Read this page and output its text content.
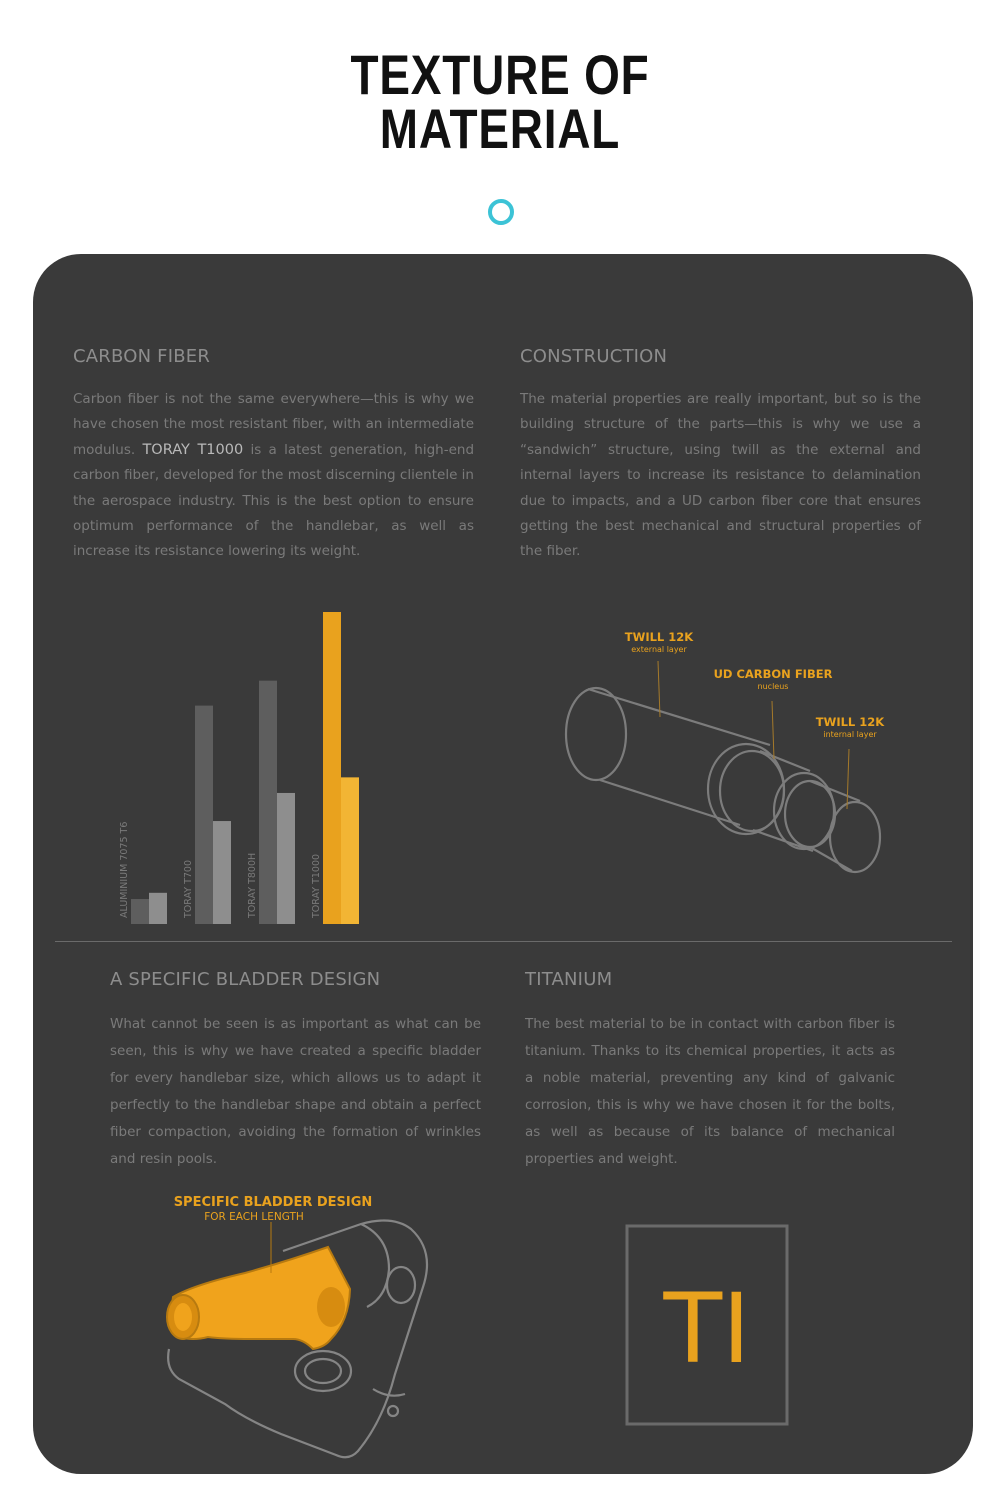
TEXTURE OF
MATERIAL
CARBON FIBER
Carbon fiber is not the same everywhere—this is why we have chosen the most resistant fiber, with an intermediate modulus. TORAY T1000 is a latest generation, high-end carbon fiber, developed for the most discerning clientele in the aerospace industry. This is the best option to ensure optimum performance of the handlebar, as well as increase its resistance lowering its weight.
CONSTRUCTION
The material properties are really important, but so is the building structure of the parts—this is why we use a “sandwich” structure, using twill as the external and internal layers to increase its resistance to delamination due to impacts, and a UD carbon fiber core that ensures getting the best mechanical and structural properties of the fiber.
ALUMINIUM 7075 T6	TORAY T700	TORAY T800H	TORAY T1000
TWILL 12K
external layer
UD CARBON FIBER
nucleus
TWILL 12K
internal layer
A SPECIFIC BLADDER DESIGN
What cannot be seen is as important as what can be seen, this is why we have created a specific bladder for every handlebar size, which allows us to adapt it perfectly to the handlebar shape and obtain a perfect fiber compaction, avoiding the formation of wrinkles and resin pools.
TITANIUM
The best material to be in contact with carbon fiber is titanium. Thanks to its chemical properties, it acts as a noble material, preventing any kind of galvanic corrosion, this is why we have chosen it for the bolts, as well as because of its balance of mechanical properties and weight.
SPECIFIC BLADDER DESIGN
FOR EACH LENGTH
TI
